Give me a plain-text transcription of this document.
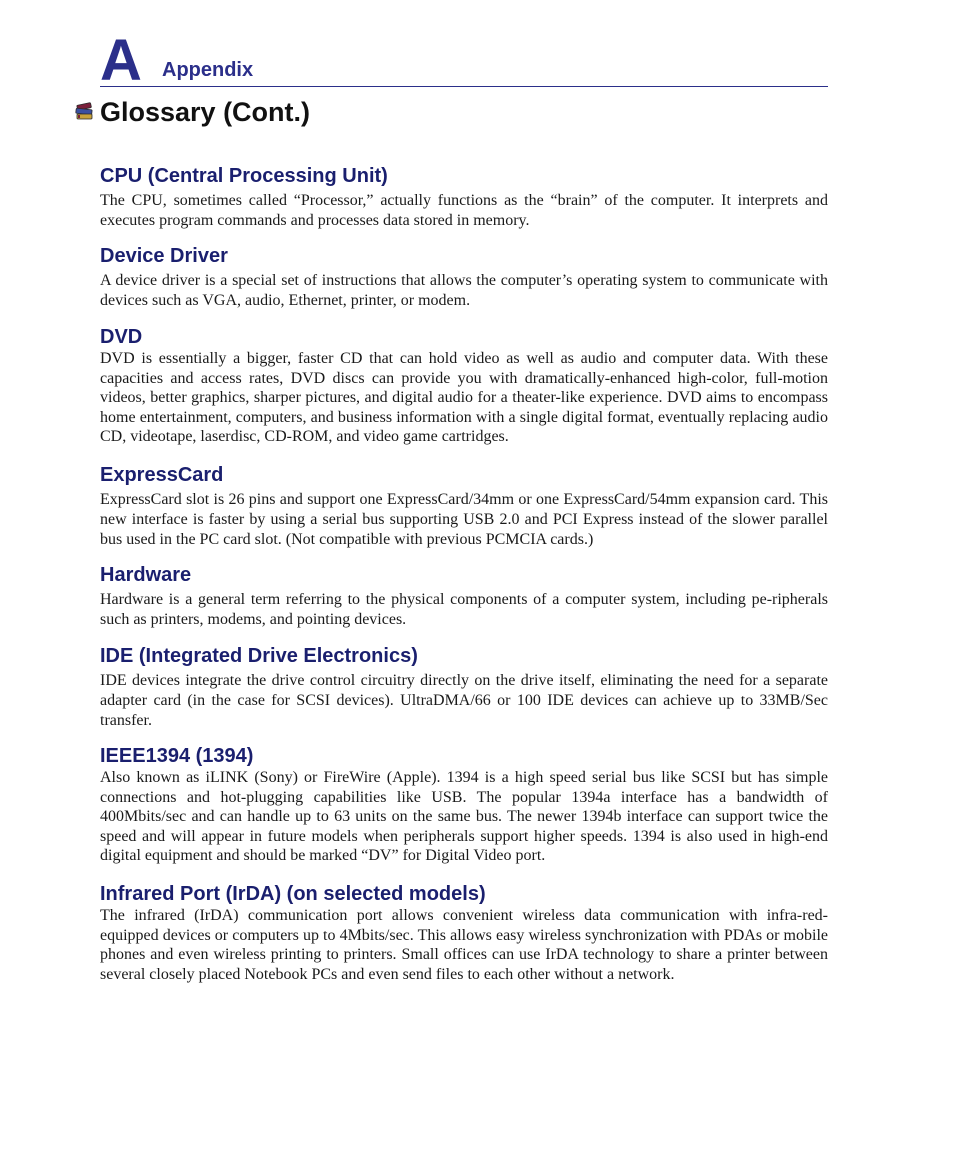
A Appendix
Glossary (Cont.)
CPU (Central Processing Unit)

The CPU, sometimes called “Processor,” actually functions as the “brain” of the computer. It interprets and executes program commands and processes data stored in memory.

Device Driver

A device driver is a special set of instructions that allows the computer’s operating system to communicate with devices such as VGA, audio, Ethernet, printer, or modem.

DVD

DVD is essentially a bigger, faster CD that can hold video as well as audio and computer data. With these capacities and access rates, DVD discs can provide you with dramatically-enhanced high-color, full-motion videos, better graphics, sharper pictures, and digital audio for a theater-like experience. DVD aims to encompass home entertainment, computers, and business information with a single digital format, eventually replacing audio CD, videotape, laserdisc, CD-ROM, and video game cartridges.

ExpressCard

ExpressCard slot is 26 pins and support one ExpressCard/34mm or one ExpressCard/54mm expansion card. This new interface is faster by using a serial bus supporting USB 2.0 and PCI Express instead of the slower parallel bus used in the PC card slot. (Not compatible with previous PCMCIA cards.)

Hardware

Hardware is a general term referring to the physical components of a computer system, including pe-ripherals such as printers, modems, and pointing devices.

IDE (Integrated Drive Electronics)

IDE devices integrate the drive control circuitry directly on the drive itself, eliminating the need for a separate adapter card (in the case for SCSI devices). UltraDMA/66 or 100 IDE devices can achieve up to 33MB/Sec transfer.

IEEE1394 (1394)

Also known as iLINK (Sony) or FireWire (Apple). 1394 is a high speed serial bus like SCSI but has simple connections and hot-plugging capabilities like USB. The popular 1394a interface has a bandwidth of 400Mbits/sec and can handle up to 63 units on the same bus. The newer 1394b interface can support twice the speed and will appear in future models when peripherals support higher speeds. 1394 is also used in high-end digital equipment and should be marked “DV” for Digital Video port.

Infrared Port (IrDA) (on selected models)

The infrared (IrDA) communication port allows convenient wireless data communication with infra-red-equipped devices or computers up to 4Mbits/sec. This allows easy wireless synchronization with PDAs or mobile phones and even wireless printing to printers. Small offices can use IrDA technology to share a printer between several closely placed Notebook PCs and even send files to each other without a network.
